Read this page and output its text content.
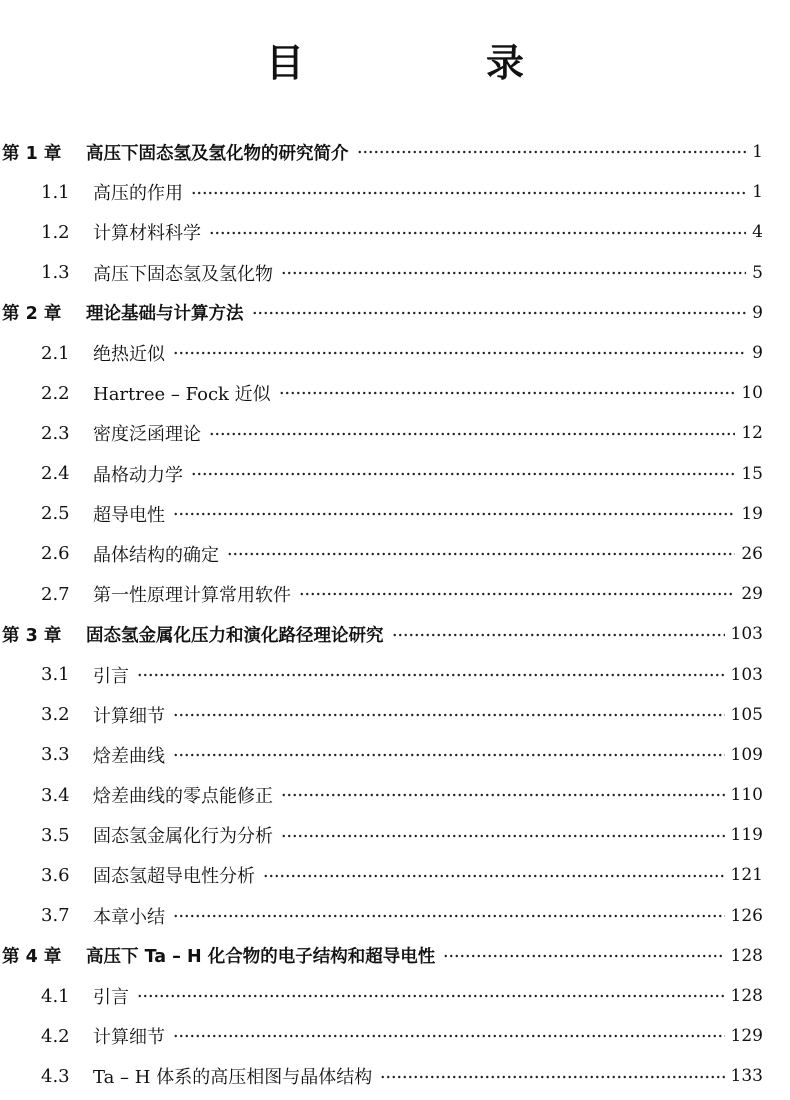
目　录
第 1 章	高压下固态氢及氢化物的研究简介	1
1.1	高压的作用	1
1.2	计算材料科学	4
1.3	高压下固态氢及氢化物	5
第 2 章	理论基础与计算方法	9
2.1	绝热近似	9
2.2	Hartree – Fock 近似	10
2.3	密度泛函理论	12
2.4	晶格动力学	15
2.5	超导电性	19
2.6	晶体结构的确定	26
2.7	第一性原理计算常用软件	29
第 3 章	固态氢金属化压力和演化路径理论研究	103
3.1	引言	103
3.2	计算细节	105
3.3	焓差曲线	109
3.4	焓差曲线的零点能修正	110
3.5	固态氢金属化行为分析	119
3.6	固态氢超导电性分析	121
3.7	本章小结	126
第 4 章	高压下 Ta – H 化合物的电子结构和超导电性	128
4.1	引言	128
4.2	计算细节	129
4.3	Ta – H 体系的高压相图与晶体结构	133
